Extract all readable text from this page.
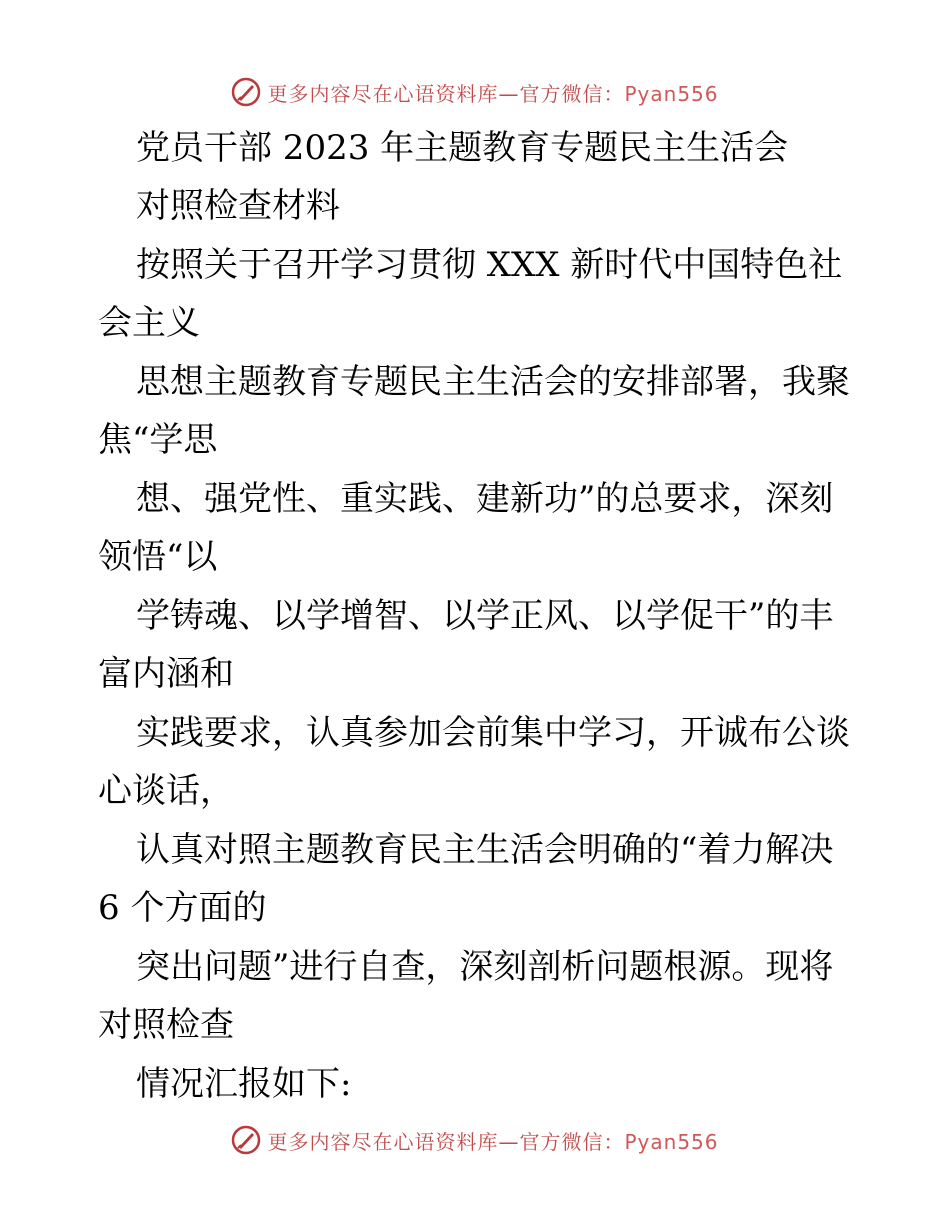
更多内容尽在心语资料库—官方微信：Pyan556
党员干部 2023 年主题教育专题民主生活会
对照检查材料
按照关于召开学习贯彻 XXX 新时代中国特色社
会主义
思想主题教育专题民主生活会的安排部署，我聚
焦“学思
想、强党性、重实践、建新功”的总要求，深刻
领悟“以
学铸魂、以学增智、以学正风、以学促干”的丰
富内涵和
实践要求，认真参加会前集中学习，开诚布公谈
心谈话，
认真对照主题教育民主生活会明确的“着力解决
6 个方面的
突出问题”进行自查，深刻剖析问题根源。现将
对照检查
情况汇报如下:
更多内容尽在心语资料库—官方微信：Pyan556
